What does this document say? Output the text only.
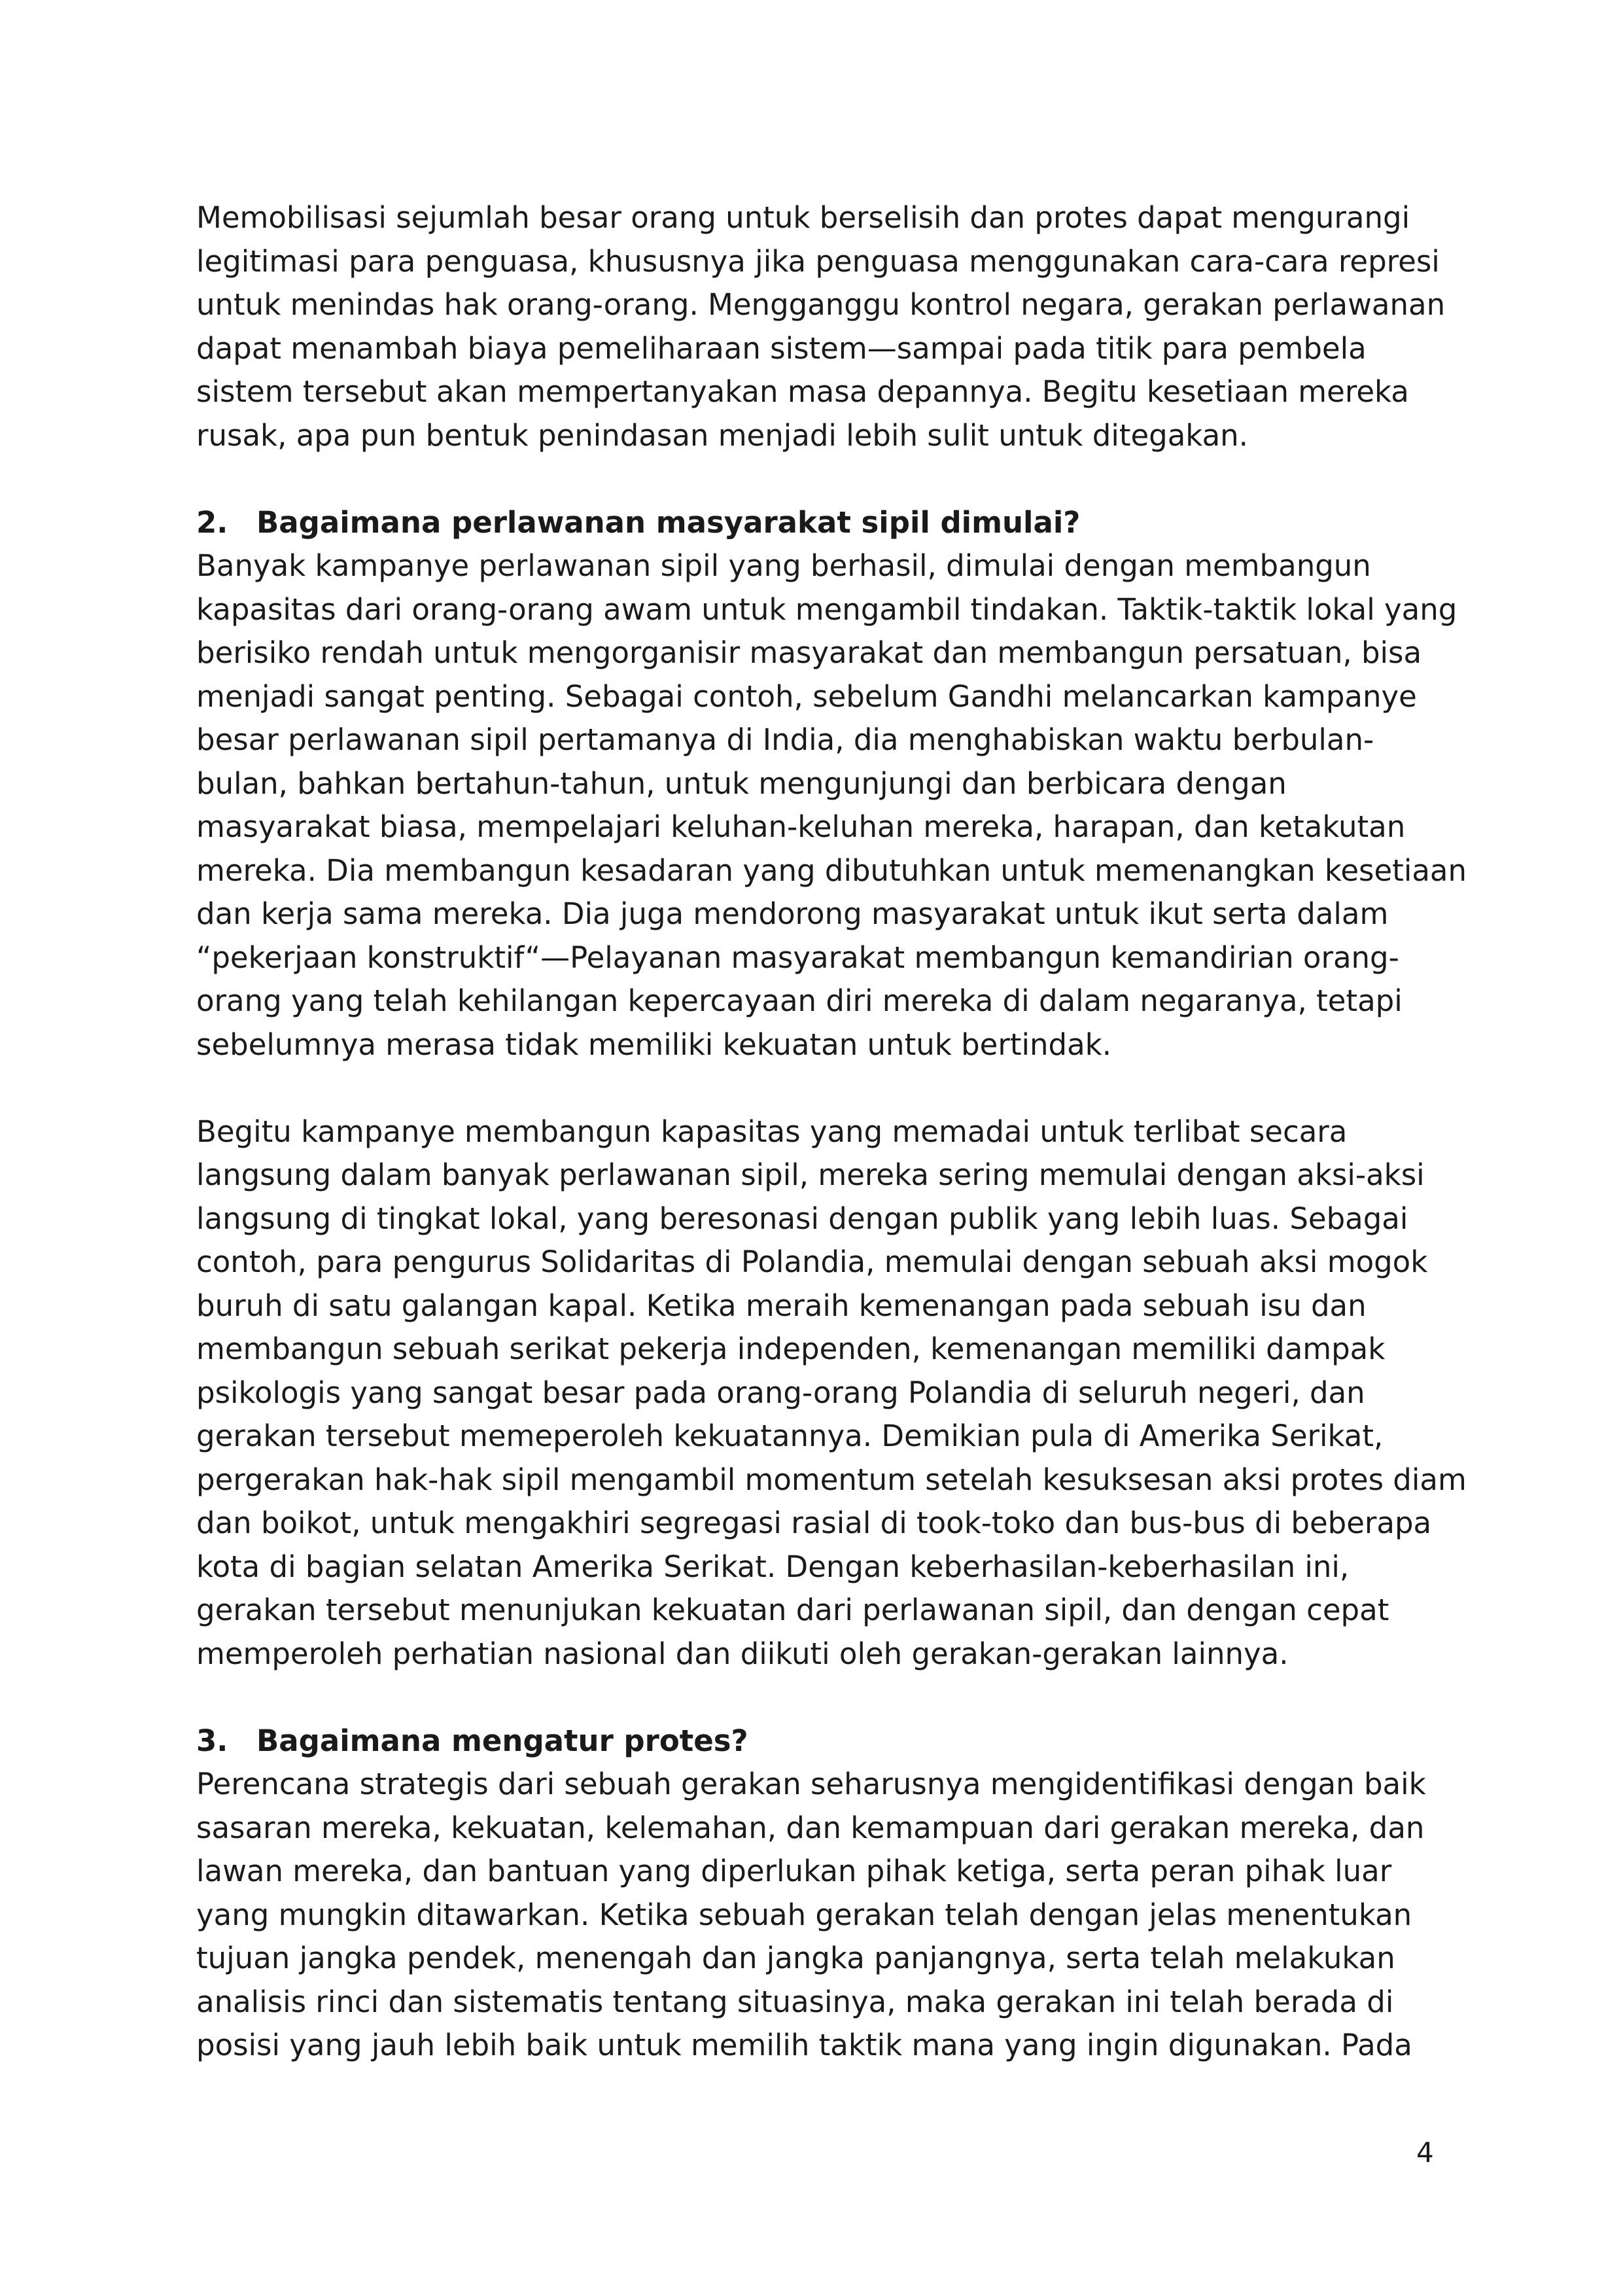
Memobilisasi sejumlah besar orang untuk berselisih dan protes dapat mengurangi
legitimasi para penguasa, khususnya jika penguasa menggunakan cara-cara represi
untuk menindas hak orang-orang. Mengganggu kontrol negara, gerakan perlawanan
dapat menambah biaya pemeliharaan sistem—sampai pada titik para pembela
sistem tersebut akan mempertanyakan masa depannya. Begitu kesetiaan mereka
rusak, apa pun bentuk penindasan menjadi lebih sulit untuk ditegakan.
2. Bagaimana perlawanan masyarakat sipil dimulai?
Banyak kampanye perlawanan sipil yang berhasil, dimulai dengan membangun
kapasitas dari orang-orang awam untuk mengambil tindakan. Taktik-taktik lokal yang
berisiko rendah untuk mengorganisir masyarakat dan membangun persatuan, bisa
menjadi sangat penting. Sebagai contoh, sebelum Gandhi melancarkan kampanye
besar perlawanan sipil pertamanya di India, dia menghabiskan waktu berbulan-
bulan, bahkan bertahun-tahun, untuk mengunjungi dan berbicara dengan
masyarakat biasa, mempelajari keluhan-keluhan mereka, harapan, dan ketakutan
mereka. Dia membangun kesadaran yang dibutuhkan untuk memenangkan kesetiaan
dan kerja sama mereka. Dia juga mendorong masyarakat untuk ikut serta dalam
“pekerjaan konstruktif“—Pelayanan masyarakat membangun kemandirian orang-
orang yang telah kehilangan kepercayaan diri mereka di dalam negaranya, tetapi
sebelumnya merasa tidak memiliki kekuatan untuk bertindak.
Begitu kampanye membangun kapasitas yang memadai untuk terlibat secara
langsung dalam banyak perlawanan sipil, mereka sering memulai dengan aksi-aksi
langsung di tingkat lokal, yang beresonasi dengan publik yang lebih luas. Sebagai
contoh, para pengurus Solidaritas di Polandia, memulai dengan sebuah aksi mogok
buruh di satu galangan kapal. Ketika meraih kemenangan pada sebuah isu dan
membangun sebuah serikat pekerja independen, kemenangan memiliki dampak
psikologis yang sangat besar pada orang-orang Polandia di seluruh negeri, dan
gerakan tersebut memeperoleh kekuatannya. Demikian pula di Amerika Serikat,
pergerakan hak-hak sipil mengambil momentum setelah kesuksesan aksi protes diam
dan boikot, untuk mengakhiri segregasi rasial di took-toko dan bus-bus di beberapa
kota di bagian selatan Amerika Serikat. Dengan keberhasilan-keberhasilan ini,
gerakan tersebut menunjukan kekuatan dari perlawanan sipil, dan dengan cepat
memperoleh perhatian nasional dan diikuti oleh gerakan-gerakan lainnya.
3. Bagaimana mengatur protes?
Perencana strategis dari sebuah gerakan seharusnya mengidentifikasi dengan baik
sasaran mereka, kekuatan, kelemahan, dan kemampuan dari gerakan mereka, dan
lawan mereka, dan bantuan yang diperlukan pihak ketiga, serta peran pihak luar
yang mungkin ditawarkan. Ketika sebuah gerakan telah dengan jelas menentukan
tujuan jangka pendek, menengah dan jangka panjangnya, serta telah melakukan
analisis rinci dan sistematis tentang situasinya, maka gerakan ini telah berada di
posisi yang jauh lebih baik untuk memilih taktik mana yang ingin digunakan. Pada
4
